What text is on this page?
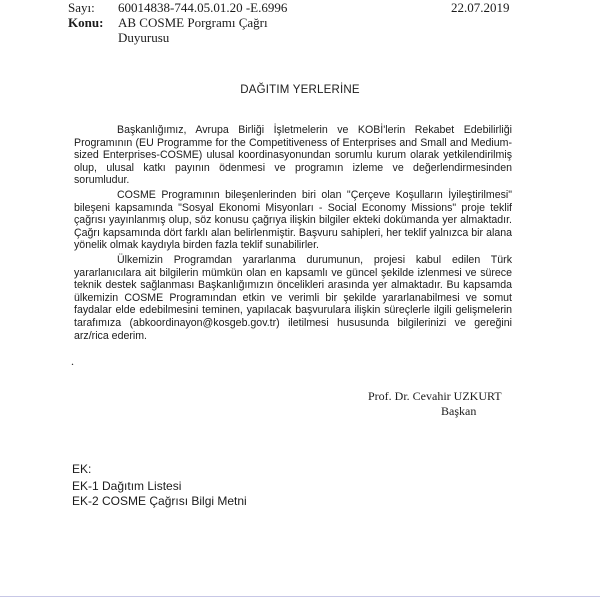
Sayı: 60014838-744.05.01.20 -E.6996	22.07.2019
Konu: AB COSME Porgramı Çağrı
Duyurusu
DAĞITIM YERLERİNE

Başkanlığımız, Avrupa Birliği İşletmelerin ve KOBİ'lerin Rekabet Edebilirliği Programının (EU Programme for the Competitiveness of Enterprises and Small and Medium-sized Enterprises-COSME) ulusal koordinasyonundan sorumlu kurum olarak yetkilendirilmiş olup, ulusal katkı payının ödenmesi ve programın izleme ve değerlendirmesinden sorumludur.

COSME Programının bileşenlerinden biri olan "Çerçeve Koşulların İyileştirilmesi" bileşeni kapsamında "Sosyal Ekonomi Misyonları - Social Economy Missions" proje teklif çağrısı yayınlanmış olup, söz konusu çağrıya ilişkin bilgiler ekteki dokümanda yer almaktadır. Çağrı kapsamında dört farklı alan belirlenmiştir. Başvuru sahipleri, her teklif yalnızca bir alana yönelik olmak kaydıyla birden fazla teklif sunabilirler.

Ülkemizin Programdan yararlanma durumunun, projesi kabul edilen Türk yararlanıcılara ait bilgilerin mümkün olan en kapsamlı ve güncel şekilde izlenmesi ve sürece teknik destek sağlanması Başkanlığımızın öncelikleri arasında yer almaktadır. Bu kapsamda ülkemizin COSME Programından etkin ve verimli bir şekilde yararlanabilmesi ve somut faydalar elde edebilmesini teminen, yapılacak başvurulara ilişkin süreçlerle ilgili gelişmelerin tarafımıza (abkoordinayon@kosgeb.gov.tr) iletilmesi hususunda bilgilerinizi ve gereğini arz/rica ederim.

.
Prof. Dr. Cevahir UZKURT
Başkan
EK:
EK-1 Dağıtım Listesi
EK-2 COSME Çağrısı Bilgi Metni
